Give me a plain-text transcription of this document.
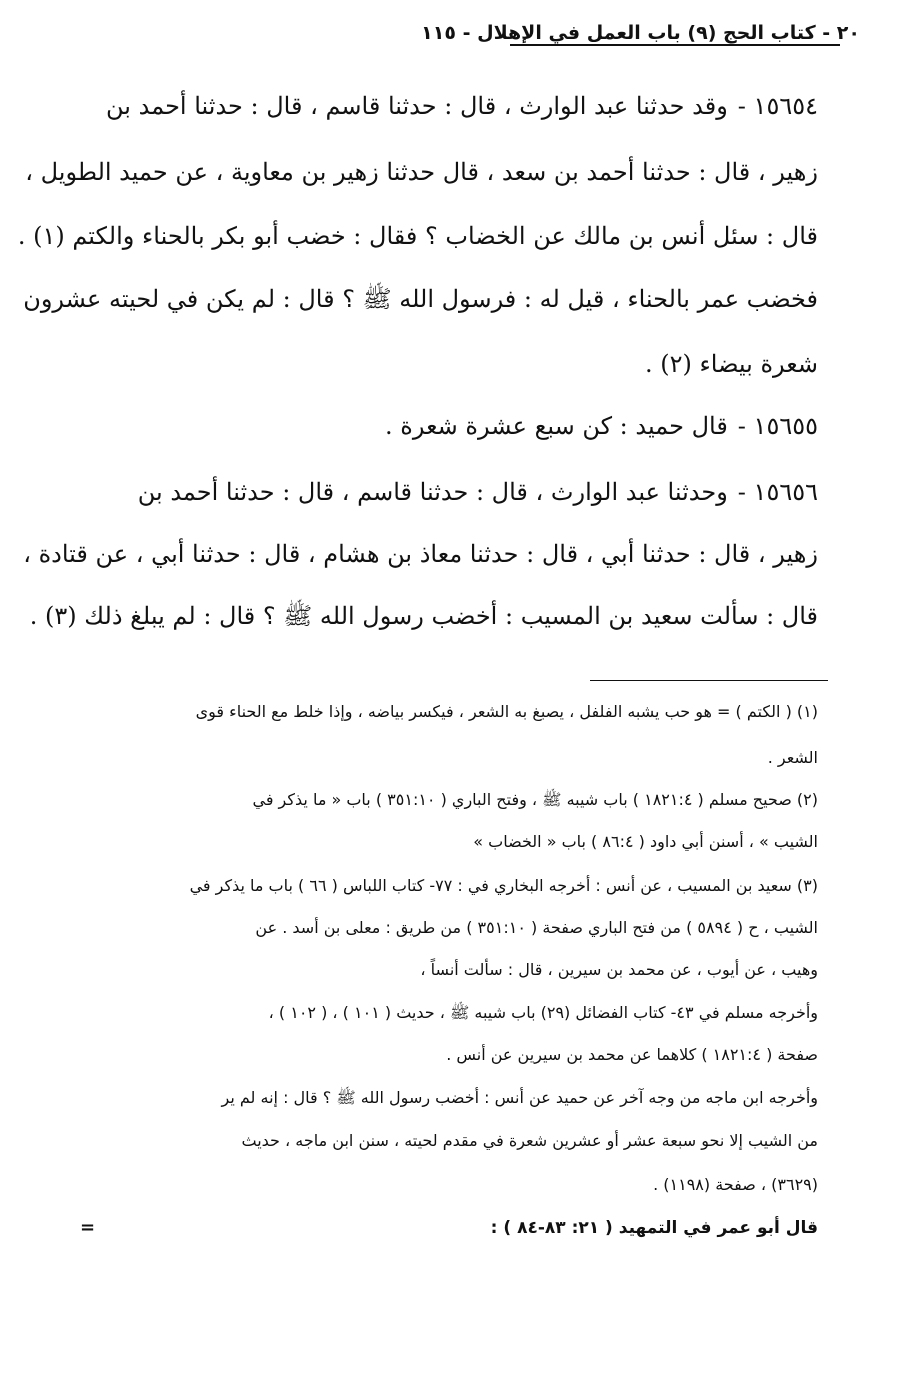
٢٠ - كتاب الحج (٩) باب العمل في الإهلال - ١١٥
١٥٦٥٤ -وقد حدثنا عبد الوارث ، قال : حدثنا قاسم ، قال : حدثنا أحمد بن
زهير ، قال : حدثنا أحمد بن سعد ، قال حدثنا زهير بن معاوية ، عن حميد الطويل ،
قال : سئل أنس بن مالك عن الخضاب ؟ فقال : خضب أبو بكر بالحناء والكتم (١) .
فخضب عمر بالحناء ، قيل له : فرسول الله ﷺ ؟ قال : لم يكن في لحيته عشرون
شعرة بيضاء (٢) .
١٥٦٥٥ -قال حميد : كن سبع عشرة شعرة .
١٥٦٥٦ -وحدثنا عبد الوارث ، قال : حدثنا قاسم ، قال : حدثنا أحمد بن
زهير ، قال : حدثنا أبي ، قال : حدثنا معاذ بن هشام ، قال : حدثنا أبي ، عن قتادة ،
قال : سألت سعيد بن المسيب : أخضب رسول الله ﷺ ؟ قال : لم يبلغ ذلك (٣) .
(١) ( الكتم ) = هو حب يشبه الفلفل ، يصبغ به الشعر ، فيكسر بياضه ، وإذا خلط مع الحناء قوى
الشعر .
(٢) صحيح مسلم ( ١٨٢١:٤ ) باب شيبه ﷺ ، وفتح الباري ( ٣٥١:١٠ ) باب « ما يذكر في
الشيب » ، أسنن أبي داود ( ٨٦:٤ ) باب « الخضاب »
(٣) سعيد بن المسيب ، عن أنس : أخرجه البخاري في : ٧٧- كتاب اللباس ( ٦٦ ) باب ما يذكر في
الشيب ، ح ( ٥٨٩٤ ) من فتح الباري صفحة ( ٣٥١:١٠ ) من طريق : معلى بن أسد . عن
وهيب ، عن أيوب ، عن محمد بن سيرين ، قال : سألت أنساً ،
وأخرجه مسلم في ٤٣- كتاب الفضائل (٢٩) باب شيبه ﷺ ، حديث ( ١٠١ ) ، ( ١٠٢ ) ،
صفحة ( ١٨٢١:٤ ) كلاهما عن محمد بن سيرين عن أنس .
وأخرجه ابن ماجه من وجه آخر عن حميد عن أنس : أخضب رسول الله ﷺ ؟ قال : إنه لم ير
من الشيب إلا نحو سبعة عشر أو عشرين شعرة في مقدم لحيته ، سنن ابن ماجه ، حديث
(٣٦٢٩) ، صفحة (١١٩٨) .
قال أبو عمر في التمهيد ( ٢١: ٨٣-٨٤ ) :
=
